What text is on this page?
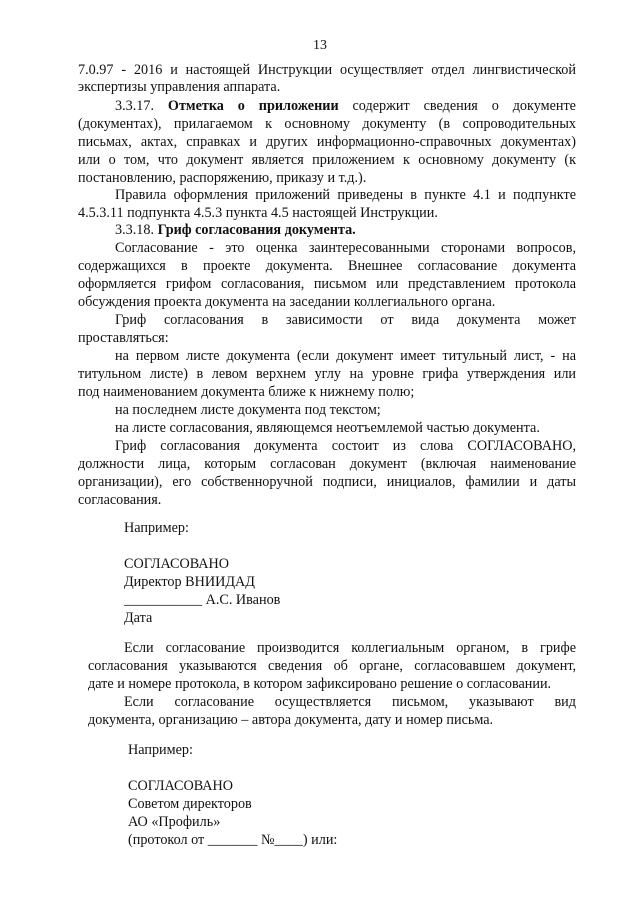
13
7.0.97 - 2016 и настоящей Инструкции осуществляет отдел лингвистической
экспертизы управления аппарата.
3.3.17. Отметка о приложении содержит сведения о документе
(документах), прилагаемом к основному документу (в сопроводительных
письмах, актах, справках и других информационно-справочных документах)
или о том, что документ является приложением к основному документу (к
постановлению, распоряжению, приказу и т.д.).
Правила оформления приложений приведены в пункте 4.1 и подпункте
4.5.3.11 подпункта 4.5.3 пункта 4.5 настоящей Инструкции.
3.3.18. Гриф согласования документа.
Согласование - это оценка заинтересованными сторонами вопросов,
содержащихся в проекте документа. Внешнее согласование документа
оформляется грифом согласования, письмом или представлением протокола
обсуждения проекта документа на заседании коллегиального органа.
Гриф согласования в зависимости от вида документа может
проставляться:
на первом листе документа (если документ имеет титульный лист, - на
титульном листе) в левом верхнем углу на уровне грифа утверждения или
под наименованием документа ближе к нижнему полю;
на последнем листе документа под текстом;
на листе согласования, являющемся неотъемлемой частью документа.
Гриф согласования документа состоит из слова СОГЛАСОВАНО,
должности лица, которым согласован документ (включая наименование
организации), его собственноручной подписи, инициалов, фамилии и даты
согласования.
Например:
СОГЛАСОВАНО
Директор ВНИИДАД
___________ А.С. Иванов
Дата
Если согласование производится коллегиальным органом, в грифе
согласования указываются сведения об органе, согласовавшем документ,
дате и номере протокола, в котором зафиксировано решение о согласовании.
Если согласование осуществляется письмом, указывают вид
документа, организацию – автора документа, дату и номер письма.
Например:
СОГЛАСОВАНО
Советом директоров
АО «Профиль»
(протокол от _______ №____) или:
